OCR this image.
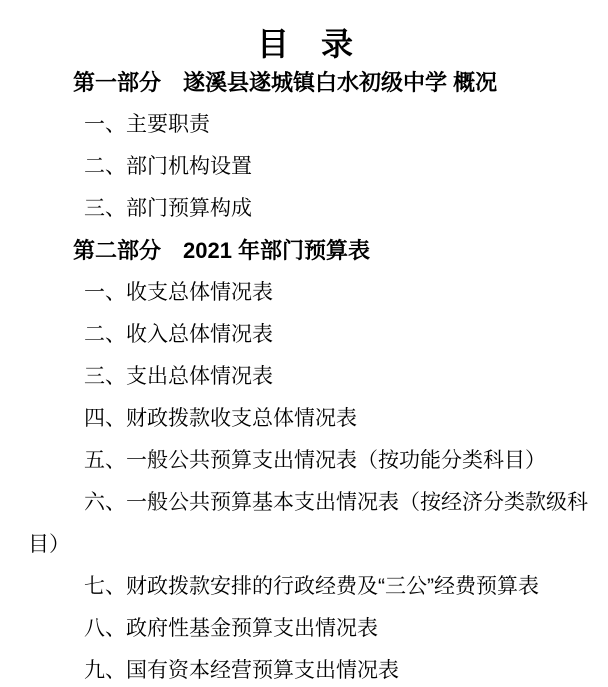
目　录
第一部分　遂溪县遂城镇白水初级中学 概况
一、主要职责
二、部门机构设置
三、部门预算构成
第二部分　2021 年部门预算表
一、收支总体情况表
二、收入总体情况表
三、支出总体情况表
四、财政拨款收支总体情况表
五、一般公共预算支出情况表（按功能分类科目）
六、一般公共预算基本支出情况表（按经济分类款级科
目）
七、财政拨款安排的行政经费及“三公”经费预算表
八、政府性基金预算支出情况表
九、国有资本经营预算支出情况表
